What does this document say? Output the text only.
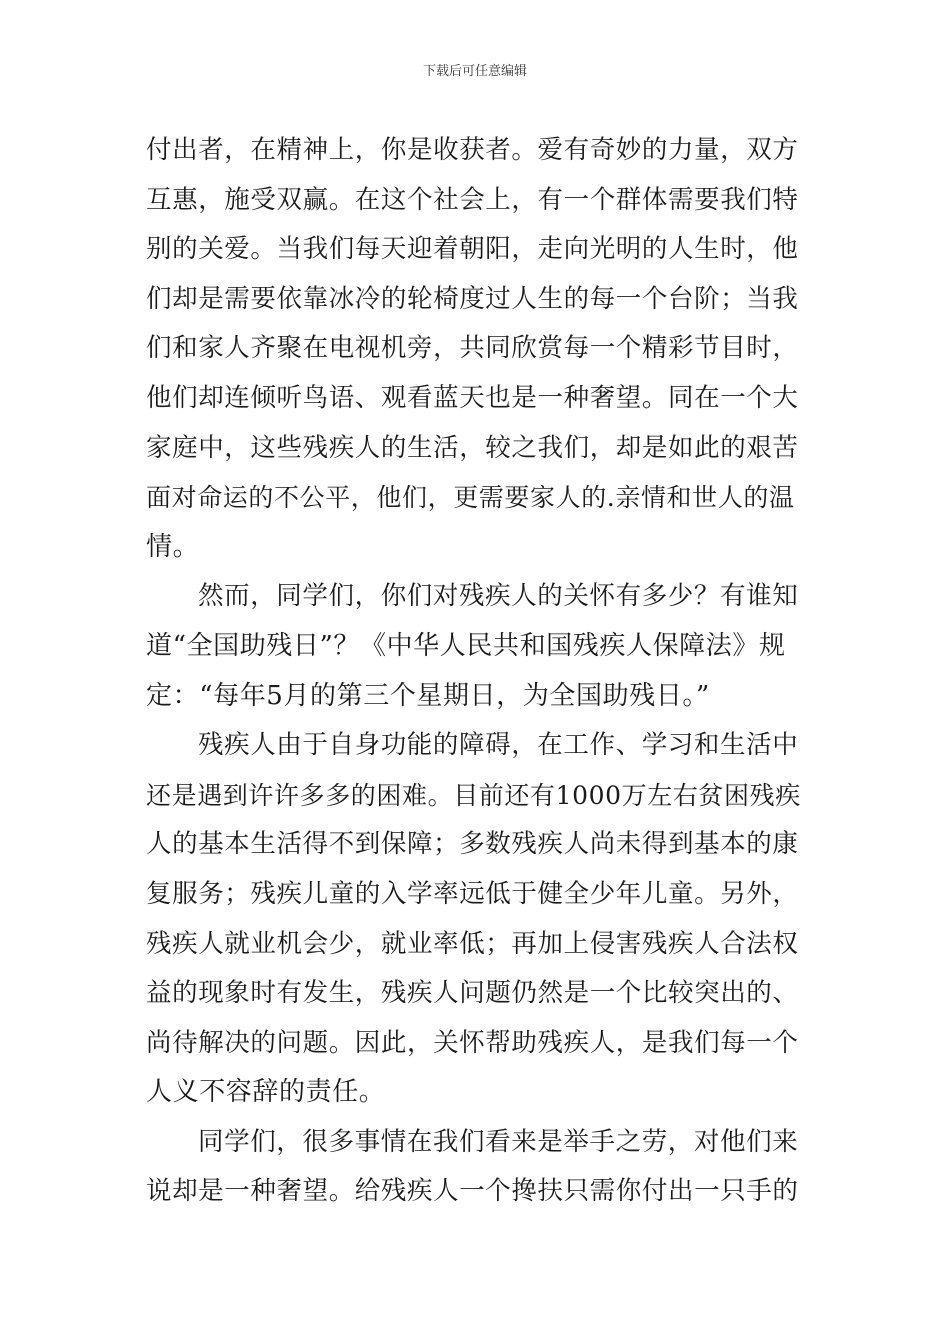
下载后可任意编辑
付出者，在精神上，你是收获者。爱有奇妙的力量，双方
互惠，施受双赢。在这个社会上，有一个群体需要我们特
别的关爱。当我们每天迎着朝阳，走向光明的人生时，他
们却是需要依靠冰冷的轮椅度过人生的每一个台阶；当我
们和家人齐聚在电视机旁，共同欣赏每一个精彩节目时，
他们却连倾听鸟语、观看蓝天也是一种奢望。同在一个大
家庭中，这些残疾人的生活，较之我们，却是如此的艰苦
面对命运的不公平，他们，更需要家人的.亲情和世人的温
情。
然而，同学们，你们对残疾人的关怀有多少？有谁知
道“全国助残日”？《中华人民共和国残疾人保障法》规
定：“每年5月的第三个星期日，为全国助残日。”
残疾人由于自身功能的障碍，在工作、学习和生活中
还是遇到许许多多的困难。目前还有1000万左右贫困残疾
人的基本生活得不到保障；多数残疾人尚未得到基本的康
复服务；残疾儿童的入学率远低于健全少年儿童。另外，
残疾人就业机会少，就业率低；再加上侵害残疾人合法权
益的现象时有发生，残疾人问题仍然是一个比较突出的、
尚待解决的问题。因此，关怀帮助残疾人，是我们每一个
人义不容辞的责任。
同学们，很多事情在我们看来是举手之劳，对他们来
说却是一种奢望。给残疾人一个搀扶只需你付出一只手的
